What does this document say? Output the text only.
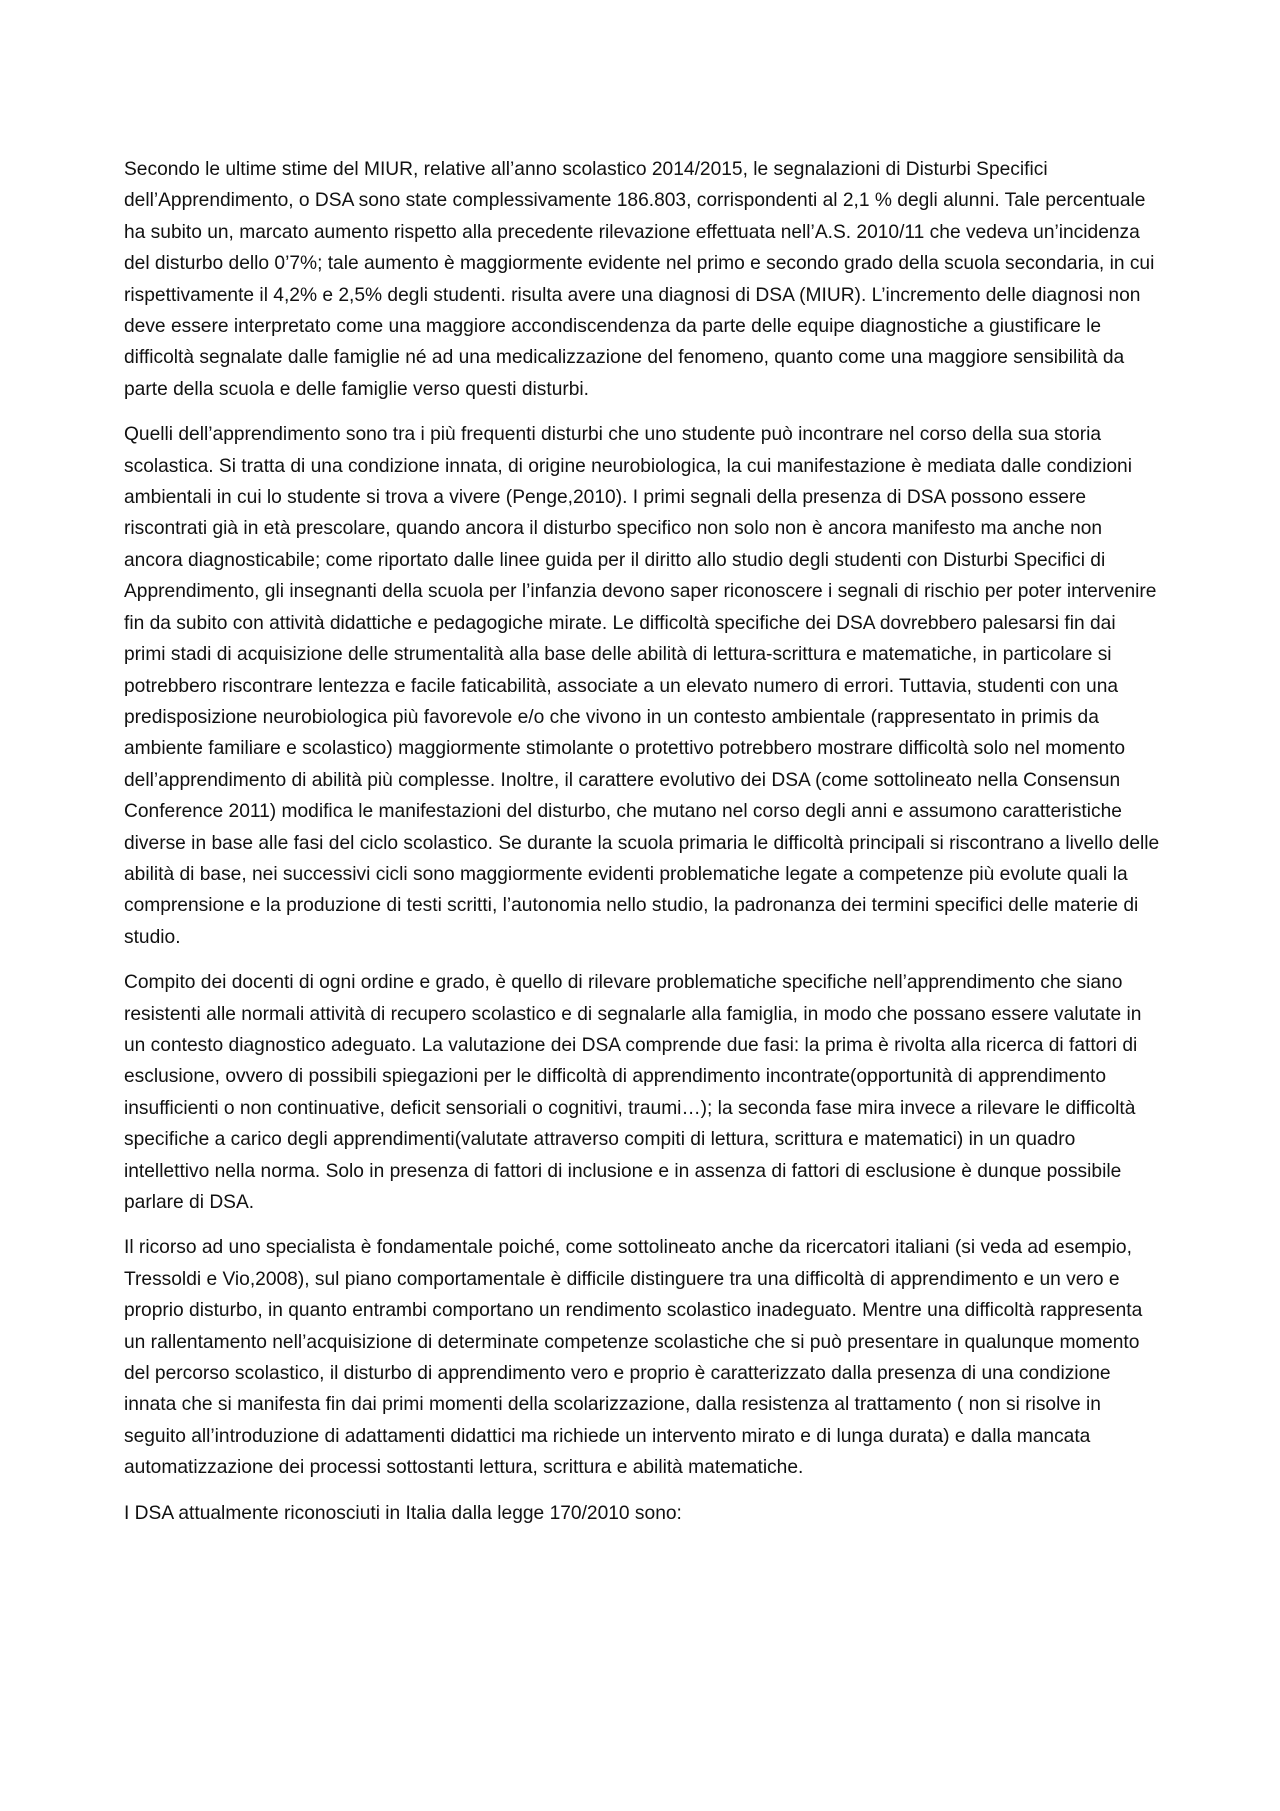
Secondo le ultime stime del MIUR, relative all’anno scolastico 2014/2015, le segnalazioni di Disturbi Specifici dell’Apprendimento, o DSA sono state complessivamente 186.803, corrispondenti al 2,1 % degli alunni. Tale percentuale ha subito un, marcato aumento rispetto alla precedente rilevazione effettuata nell’A.S. 2010/11 che vedeva un’incidenza del disturbo dello 0’7%; tale aumento è maggiormente evidente nel primo e secondo grado della scuola secondaria, in cui rispettivamente il 4,2% e 2,5% degli studenti. risulta avere una diagnosi di DSA (MIUR). L’incremento delle diagnosi non deve essere interpretato come una maggiore accondiscendenza da parte delle equipe diagnostiche a giustificare le difficoltà segnalate dalle famiglie né ad una medicalizzazione del fenomeno, quanto come una maggiore sensibilità da parte della scuola e delle famiglie verso questi disturbi.

Quelli dell’apprendimento sono tra i più frequenti disturbi che uno studente può incontrare nel corso della sua storia scolastica. Si tratta di una condizione innata, di origine neurobiologica, la cui manifestazione è mediata dalle condizioni ambientali in cui lo studente si trova a vivere (Penge,2010). I primi segnali della presenza di DSA possono essere riscontrati già in età prescolare, quando ancora il disturbo specifico non solo non è ancora manifesto ma anche non ancora diagnosticabile; come riportato dalle linee guida per il diritto allo studio degli studenti con Disturbi Specifici di Apprendimento, gli insegnanti della scuola per l’infanzia devono saper riconoscere i segnali di rischio per poter intervenire fin da subito con attività didattiche e pedagogiche mirate. Le difficoltà specifiche dei DSA dovrebbero palesarsi fin dai primi stadi di acquisizione delle strumentalità alla base delle abilità di lettura-scrittura e matematiche, in particolare si potrebbero riscontrare lentezza e facile faticabilità, associate a un elevato numero di errori. Tuttavia, studenti con una predisposizione neurobiologica più favorevole e/o che vivono in un contesto ambientale (rappresentato in primis da ambiente familiare e scolastico) maggiormente stimolante o protettivo potrebbero mostrare difficoltà solo nel momento dell’apprendimento di abilità più complesse. Inoltre, il carattere evolutivo dei DSA (come sottolineato nella Consensun Conference 2011) modifica le manifestazioni del disturbo, che mutano nel corso degli anni e assumono caratteristiche diverse in base alle fasi del ciclo scolastico. Se durante la scuola primaria le difficoltà principali si riscontrano a livello delle abilità di base, nei successivi cicli sono maggiormente evidenti problematiche legate a competenze più evolute quali la comprensione e la produzione di testi scritti, l’autonomia nello studio, la padronanza dei termini specifici delle materie di studio.

Compito dei docenti di ogni ordine e grado, è quello di rilevare problematiche specifiche nell’apprendimento che siano resistenti alle normali attività di recupero scolastico e di segnalarle alla famiglia, in modo che possano essere valutate in un contesto diagnostico adeguato. La valutazione dei DSA comprende due fasi: la prima è rivolta alla ricerca di fattori di esclusione, ovvero di possibili spiegazioni per le difficoltà di apprendimento incontrate(opportunità di apprendimento insufficienti o non continuative, deficit sensoriali o cognitivi, traumi…); la seconda fase mira invece a rilevare le difficoltà specifiche a carico degli apprendimenti(valutate attraverso compiti di lettura, scrittura e matematici) in un quadro intellettivo nella norma. Solo in presenza di fattori di inclusione e in assenza di fattori di esclusione è dunque possibile parlare di DSA.

Il ricorso ad uno specialista è fondamentale poiché, come sottolineato anche da ricercatori italiani (si veda ad esempio, Tressoldi e Vio,2008), sul piano comportamentale è difficile distinguere tra una difficoltà di apprendimento e un vero e proprio disturbo, in quanto entrambi comportano un rendimento scolastico inadeguato. Mentre una difficoltà rappresenta un rallentamento nell’acquisizione di determinate competenze scolastiche che si può presentare in qualunque momento del percorso scolastico, il disturbo di apprendimento vero e proprio è caratterizzato dalla presenza di una condizione innata che si manifesta fin dai primi momenti della scolarizzazione, dalla resistenza al trattamento ( non si risolve in seguito all’introduzione di adattamenti didattici ma richiede un intervento mirato e di lunga durata) e dalla mancata automatizzazione dei processi sottostanti lettura, scrittura e abilità matematiche.

I DSA attualmente riconosciuti in Italia dalla legge 170/2010 sono:
